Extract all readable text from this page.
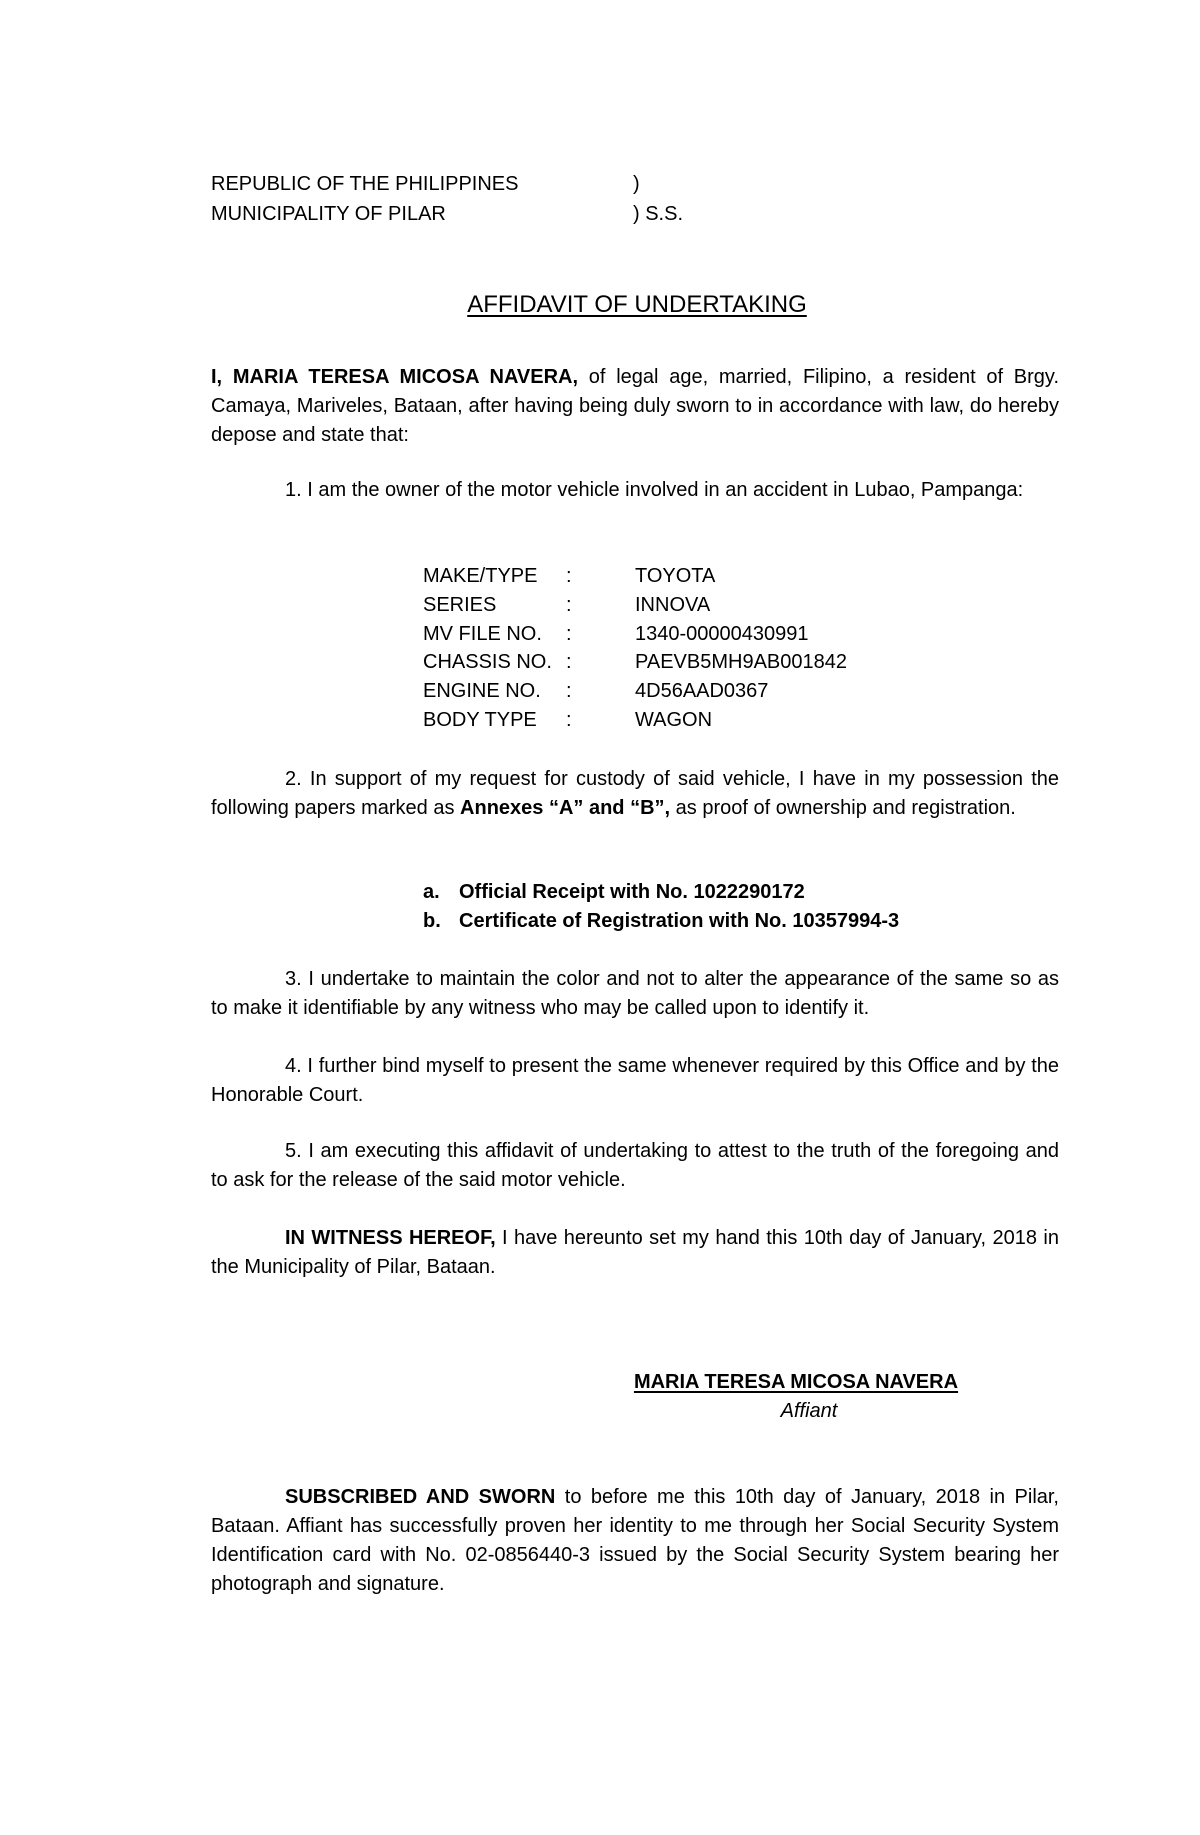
REPUBLIC OF THE PHILIPPINES	)
MUNICIPALITY OF PILAR	) S.S.
AFFIDAVIT OF UNDERTAKING
I, MARIA TERESA MICOSA NAVERA, of legal age, married, Filipino, a resident of Brgy. Camaya, Mariveles, Bataan, after having being duly sworn to in accordance with law, do hereby depose and state that:
1. I am the owner of the motor vehicle involved in an accident in Lubao, Pampanga:
MAKE/TYPE :	TOYOTA
SERIES	:	INNOVA
MV FILE NO. :	1340-00000430991
CHASSIS NO. :	PAEVB5MH9AB001842
ENGINE NO. :	4D56AAD0367
BODY TYPE :	WAGON
2. In support of my request for custody of said vehicle, I have in my possession the following papers marked as Annexes “A” and “B”, as proof of ownership and registration.
a. Official Receipt with No. 1022290172
b. Certificate of Registration with No. 10357994-3
3. I undertake to maintain the color and not to alter the appearance of the same so as to make it identifiable by any witness who may be called upon to identify it.
4. I further bind myself to present the same whenever required by this Office and by the Honorable Court.
5. I am executing this affidavit of undertaking to attest to the truth of the foregoing and to ask for the release of the said motor vehicle.
IN WITNESS HEREOF, I have hereunto set my hand this 10th day of January, 2018 in the Municipality of Pilar, Bataan.
MARIA TERESA MICOSA NAVERA
Affiant
SUBSCRIBED AND SWORN to before me this 10th day of January, 2018 in Pilar, Bataan. Affiant has successfully proven her identity to me through her Social Security System Identification card with No. 02-0856440-3 issued by the Social Security System bearing her photograph and signature.
